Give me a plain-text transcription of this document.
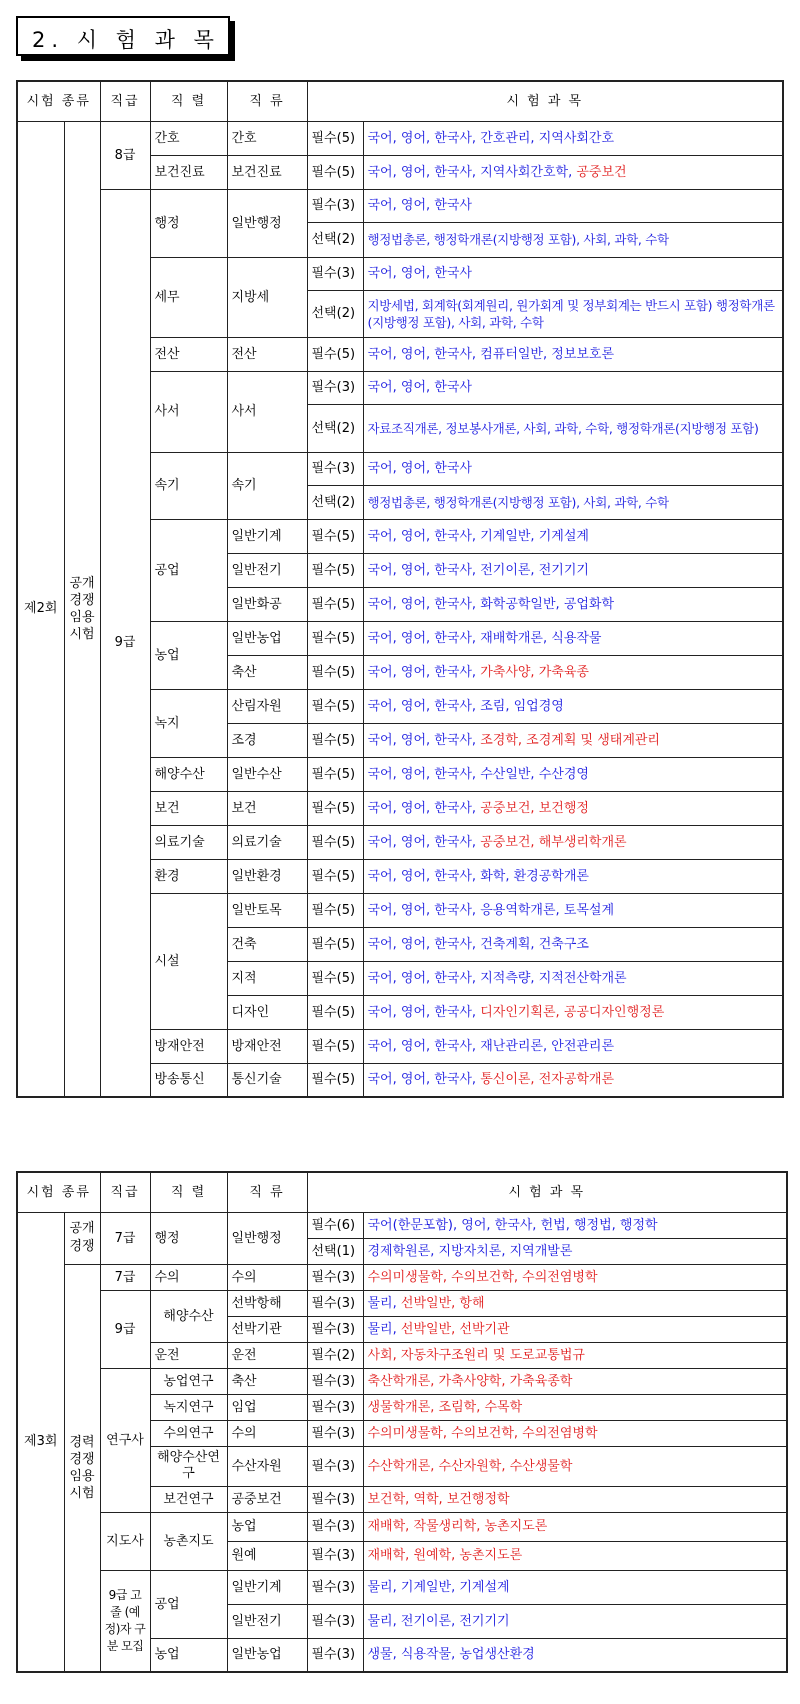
2. 시 험 과 목
시험 종류		직급	직 렬	직 류	시 험 과 목	
제2회	공개경쟁임용시험	8급	간호	간호	필수(5)	국어, 영어, 한국사, 간호관리, 지역사회간호
			보건진료	보건진료	필수(5)	국어, 영어, 한국사, 지역사회간호학, 공중보건
		9급	행정	일반행정	필수(3)	국어, 영어, 한국사
					선택(2)	행정법총론, 행정학개론(지방행정 포함), 사회, 과학, 수학
			세무	지방세	필수(3)	국어, 영어, 한국사
					선택(2)	지방세법, 회계학(회계원리, 원가회계 및 정부회계는 반드시 포함) 행정학개론(지방행정 포함), 사회, 과학, 수학
			전산	전산	필수(5)	국어, 영어, 한국사, 컴퓨터일반, 정보보호론
			사서	사서	필수(3)	국어, 영어, 한국사
					선택(2)	자료조직개론, 정보봉사개론, 사회, 과학, 수학, 행정학개론(지방행정 포함)
			속기	속기	필수(3)	국어, 영어, 한국사
					선택(2)	행정법총론, 행정학개론(지방행정 포함), 사회, 과학, 수학
			공업	일반기계	필수(5)	국어, 영어, 한국사, 기계일반, 기계설계
				일반전기	필수(5)	국어, 영어, 한국사, 전기이론, 전기기기
				일반화공	필수(5)	국어, 영어, 한국사, 화학공학일반, 공업화학
			농업	일반농업	필수(5)	국어, 영어, 한국사, 재배학개론, 식용작물
				축산	필수(5)	국어, 영어, 한국사, 가축사양, 가축육종
			녹지	산림자원	필수(5)	국어, 영어, 한국사, 조림, 임업경영
				조경	필수(5)	국어, 영어, 한국사, 조경학, 조경계획 및 생태계관리
			해양수산	일반수산	필수(5)	국어, 영어, 한국사, 수산일반, 수산경영
			보건	보건	필수(5)	국어, 영어, 한국사, 공중보건, 보건행정
			의료기술	의료기술	필수(5)	국어, 영어, 한국사, 공중보건, 해부생리학개론
			환경	일반환경	필수(5)	국어, 영어, 한국사, 화학, 환경공학개론
			시설	일반토목	필수(5)	국어, 영어, 한국사, 응용역학개론, 토목설계
				건축	필수(5)	국어, 영어, 한국사, 건축계획, 건축구조
				지적	필수(5)	국어, 영어, 한국사, 지적측량, 지적전산학개론
				디자인	필수(5)	국어, 영어, 한국사, 디자인기획론, 공공디자인행정론
			방재안전	방재안전	필수(5)	국어, 영어, 한국사, 재난관리론, 안전관리론
			방송통신	통신기술	필수(5)	국어, 영어, 한국사, 통신이론, 전자공학개론
시험 종류		직급	직 렬	직 류	시 험 과 목	
제3회	공개경쟁	7급	행정	일반행정	필수(6)	국어(한문포함), 영어, 한국사, 헌법, 행정법, 행정학
					선택(1)	경제학원론, 지방자치론, 지역개발론
	경력경쟁임용시험	7급	수의	수의	필수(3)	수의미생물학, 수의보건학, 수의전염병학
		9급	해양수산	선박항해	필수(3)	물리, 선박일반, 항해
				선박기관	필수(3)	물리, 선박일반, 선박기관
			운전	운전	필수(2)	사회, 자동차구조원리 및 도로교통법규
		연구사	농업연구	축산	필수(3)	축산학개론, 가축사양학, 가축육종학
			녹지연구	임업	필수(3)	생물학개론, 조림학, 수목학
			수의연구	수의	필수(3)	수의미생물학, 수의보건학, 수의전염병학
			해양수산연구	수산자원	필수(3)	수산학개론, 수산자원학, 수산생물학
			보건연구	공중보건	필수(3)	보건학, 역학, 보건행정학
		지도사	농촌지도	농업	필수(3)	재배학, 작물생리학, 농촌지도론
				원예	필수(3)	재배학, 원예학, 농촌지도론
		9급 고졸 (예정)자 구분 모집	공업	일반기계	필수(3)	물리, 기계일반, 기계설계
				일반전기	필수(3)	물리, 전기이론, 전기기기
			농업	일반농업	필수(3)	생물, 식용작물, 농업생산환경
